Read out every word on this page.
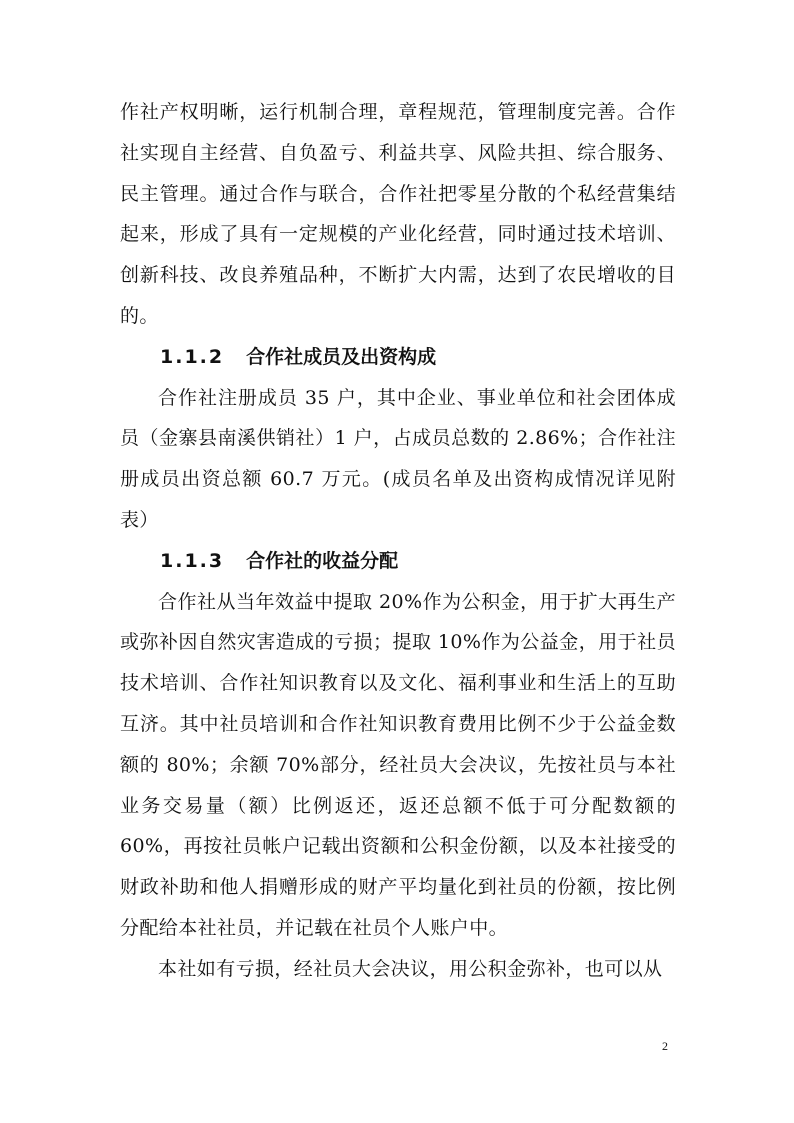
作社产权明晰，运行机制合理，章程规范，管理制度完善。合作社实现自主经营、自负盈亏、利益共享、风险共担、综合服务、民主管理。通过合作与联合，合作社把零星分散的个私经营集结起来，形成了具有一定规模的产业化经营，同时通过技术培训、创新科技、改良养殖品种，不断扩大内需，达到了农民增收的目的。

1.1.2 合作社成员及出资构成

合作社注册成员 35 户，其中企业、事业单位和社会团体成员（金寨县南溪供销社）1 户，占成员总数的 2.86%；合作社注册成员出资总额 60.7 万元。(成员名单及出资构成情况详见附表）

1.1.3 合作社的收益分配

合作社从当年效益中提取 20%作为公积金，用于扩大再生产或弥补因自然灾害造成的亏损；提取 10%作为公益金，用于社员技术培训、合作社知识教育以及文化、福利事业和生活上的互助互济。其中社员培训和合作社知识教育费用比例不少于公益金数额的 80%；余额 70%部分，经社员大会决议，先按社员与本社业务交易量（额）比例返还，返还总额不低于可分配数额的 60%，再按社员帐户记载出资额和公积金份额，以及本社接受的财政补助和他人捐赠形成的财产平均量化到社员的份额，按比例分配给本社社员，并记载在社员个人账户中。

本社如有亏损，经社员大会决议，用公积金弥补，也可以从

2
